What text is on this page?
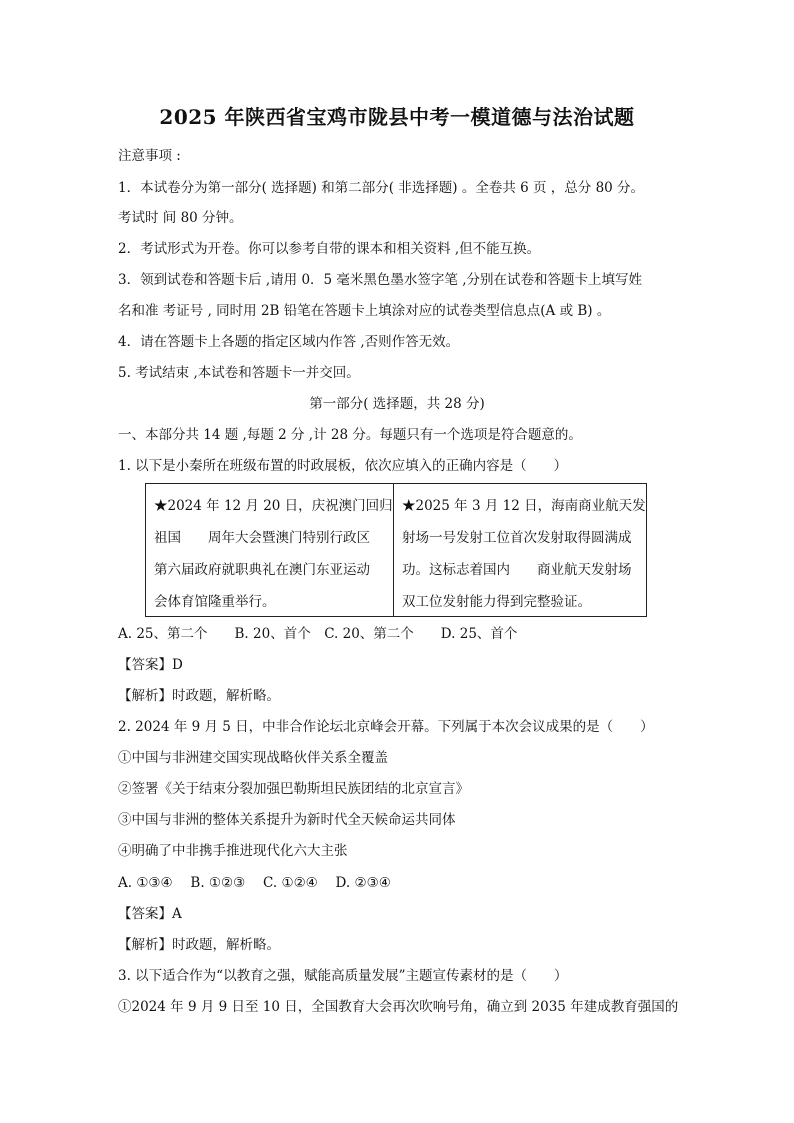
2025 年陕西省宝鸡市陇县中考一模道德与法治试题
注意事项 :
1．本试卷分为第一部分( 选择题) 和第二部分( 非选择题) 。全卷共 6 页 ，总分 80 分。
考试时 间 80 分钟。
2．考试形式为开卷。你可以参考自带的课本和相关资料 ,但不能互换。
3．领到试卷和答题卡后 ,请用 0．5 毫米黑色墨水签字笔 ,分别在试卷和答题卡上填写姓
名和准 考证号 , 同时用 2B 铅笔在答题卡上填涂对应的试卷类型信息点(A 或 B) 。
4．请在答题卡上各题的指定区域内作答 ,否则作答无效。
5. 考试结束 ,本试卷和答题卡一并交回。
第一部分( 选择题，共 28 分)
一、本部分共 14 题 ,每题 2 分 ,计 28 分。每题只有一个选项是符合题意的。
1. 以下是小秦所在班级布置的时政展板，依次应填入的正确内容是（　　）
★2024 年 12 月 20 日，庆祝澳门回归
祖国　　周年大会暨澳门特别行政区
第六届政府就职典礼在澳门东亚运动
会体育馆隆重举行。
★2025 年 3 月 12 日，海南商业航天发
射场一号发射工位首次发射取得圆满成
功。这标志着国内　　商业航天发射场
双工位发射能力得到完整验证。
A. 25、第二个　　B. 20、首个　C. 20、第二个　　D. 25、首个
【答案】D
【解析】时政题，解析略。
2. 2024 年 9 月 5 日，中非合作论坛北京峰会开幕。下列属于本次会议成果的是（　　）
①中国与非洲建交国实现战略伙伴关系全覆盖
②签署《关于结束分裂加强巴勒斯坦民族团结的北京宣言》
③中国与非洲的整体关系提升为新时代全天候命运共同体
④明确了中非携手推进现代化六大主张
A. ①③④　 B. ①②③　 C. ①②④　 D. ②③④
【答案】A
【解析】时政题，解析略。
3. 以下适合作为“以教育之强，赋能高质量发展”主题宣传素材的是（　　）
①2024 年 9 月 9 日至 10 日，全国教育大会再次吹响号角，确立到 2035 年建成教育强国的
